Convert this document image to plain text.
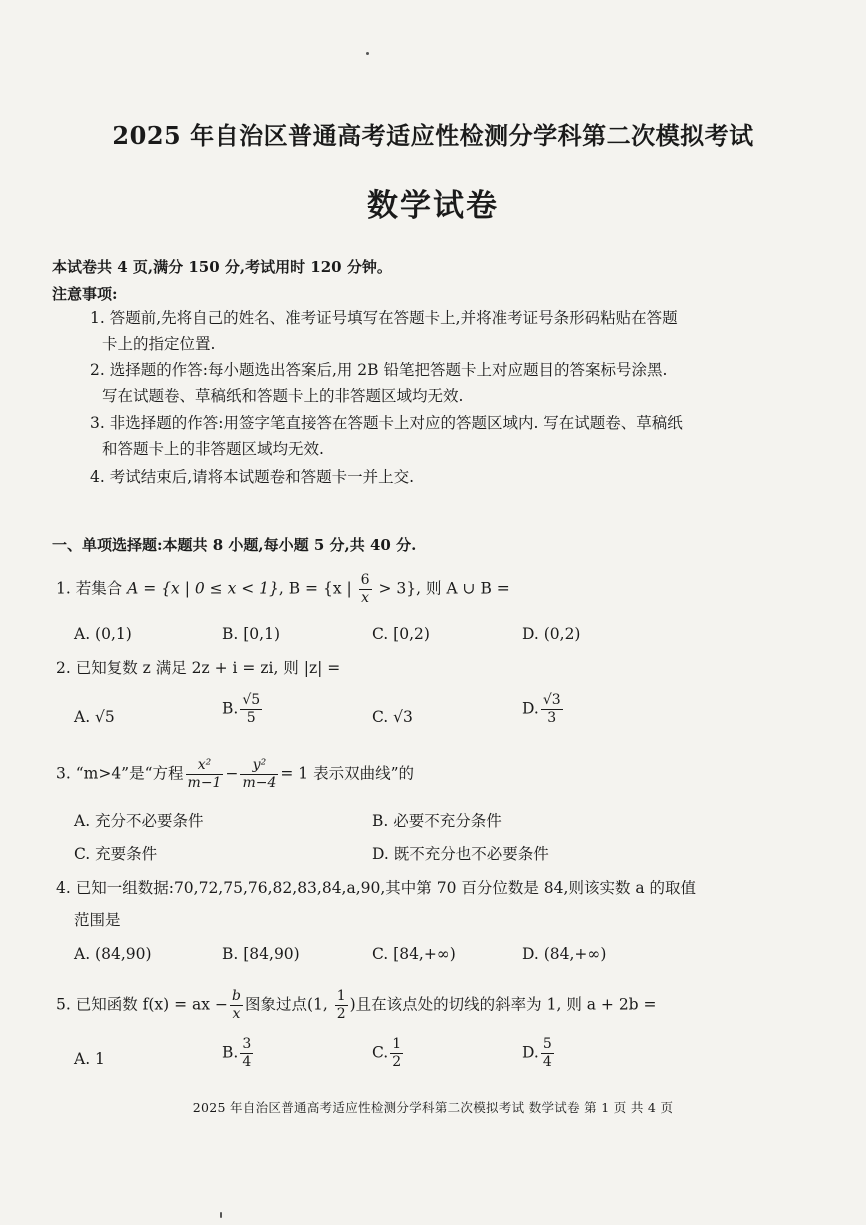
2025 年自治区普通高考适应性检测分学科第二次模拟考试
数学试卷
本试卷共 4 页,满分 150 分,考试用时 120 分钟。
注意事项:
1. 答题前,先将自己的姓名、准考证号填写在答题卡上,并将准考证号条形码粘贴在答题
卡上的指定位置.
2. 选择题的作答:每小题选出答案后,用 2B 铅笔把答题卡上对应题目的答案标号涂黑.
写在试题卷、草稿纸和答题卡上的非答题区域均无效.
3. 非选择题的作答:用签字笔直接答在答题卡上对应的答题区域内. 写在试题卷、草稿纸
和答题卡上的非答题区域均无效.
4. 考试结束后,请将本试题卷和答题卡一并上交.
一、单项选择题:本题共 8 小题,每小题 5 分,共 40 分.
1. 若集合 A = {x | 0 ≤ x < 1}, B = {x | $\frac{6}{x} > 3$}, 则 A ∪ B =
A. (0,1)	B. [0,1)	C. [0,2)	D. (0,2)
2. 已知复数 z 满足 2z + i = zi, 则 |z| =
A. √5	B. $\frac{√5}{5}$	C. √3	D. $\frac{√3}{3}$
3. “m>4”是“方程 $\frac{\text{x²}}{m-1} - \frac{\text{y²}}{m-4} = 1$ 表示双曲线”的
A. 充分不必要条件	B. 必要不充分条件
C. 充要条件	D. 既不充分也不必要条件
4. 已知一组数据:70,72,75,76,82,83,84,a,90,其中第 70 百分位数是 84,则该实数 a 的取值
范围是
A. (84,90)	B. [84,90)	C. [84,+∞)	D. (84,+∞)
5. 已知函数 f(x) = ax − $\frac{b}{x}$ 图象过点(1, $\frac{1}{2}$ )且在该点处的切线的斜率为 1, 则 a + 2b =
A. 1	B. $\frac{3}{4}$	C. $\frac{1}{2}$	D. $\frac{5}{4}$
2025 年自治区普通高考适应性检测分学科第二次模拟考试 数学试卷 第 1 页 共 4 页
